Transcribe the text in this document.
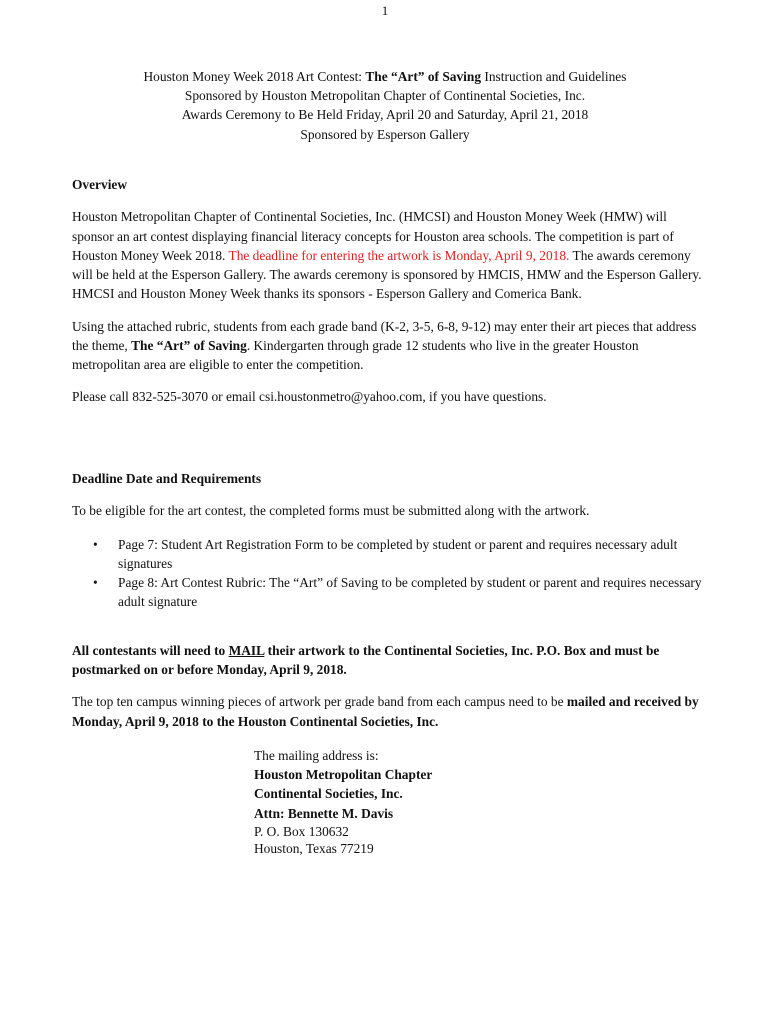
1
Houston Money Week 2018 Art Contest: The “Art” of Saving Instruction and Guidelines
Sponsored by Houston Metropolitan Chapter of Continental Societies, Inc.
Awards Ceremony to Be Held Friday, April 20 and Saturday, April 21, 2018
Sponsored by Esperson Gallery
Overview

Houston Metropolitan Chapter of Continental Societies, Inc. (HMCSI) and Houston Money Week (HMW) will sponsor an art contest displaying financial literacy concepts for Houston area schools. The competition is part of Houston Money Week 2018. The deadline for entering the artwork is Monday, April 9, 2018. The awards ceremony will be held at the Esperson Gallery. The awards ceremony is sponsored by HMCIS, HMW and the Esperson Gallery. HMCSI and Houston Money Week thanks its sponsors - Esperson Gallery and Comerica Bank.

Using the attached rubric, students from each grade band (K-2, 3-5, 6-8, 9-12) may enter their art pieces that address the theme, The “Art” of Saving. Kindergarten through grade 12 students who live in the greater Houston metropolitan area are eligible to enter the competition.

Please call 832-525-3070 or email csi.houstonmetro@yahoo.com, if you have questions.

Deadline Date and Requirements

To be eligible for the art contest, the completed forms must be submitted along with the artwork.

• Page 7: Student Art Registration Form to be completed by student or parent and requires necessary adult signatures
• Page 8: Art Contest Rubric: The “Art” of Saving to be completed by student or parent and requires necessary adult signature

All contestants will need to MAIL their artwork to the Continental Societies, Inc. P.O. Box and must be postmarked on or before Monday, April 9, 2018.

The top ten campus winning pieces of artwork per grade band from each campus need to be mailed and received by Monday, April 9, 2018 to the Houston Continental Societies, Inc.

The mailing address is:
Houston Metropolitan Chapter
Continental Societies, Inc.
Attn: Bennette M. Davis
P. O. Box 130632
Houston, Texas 77219
